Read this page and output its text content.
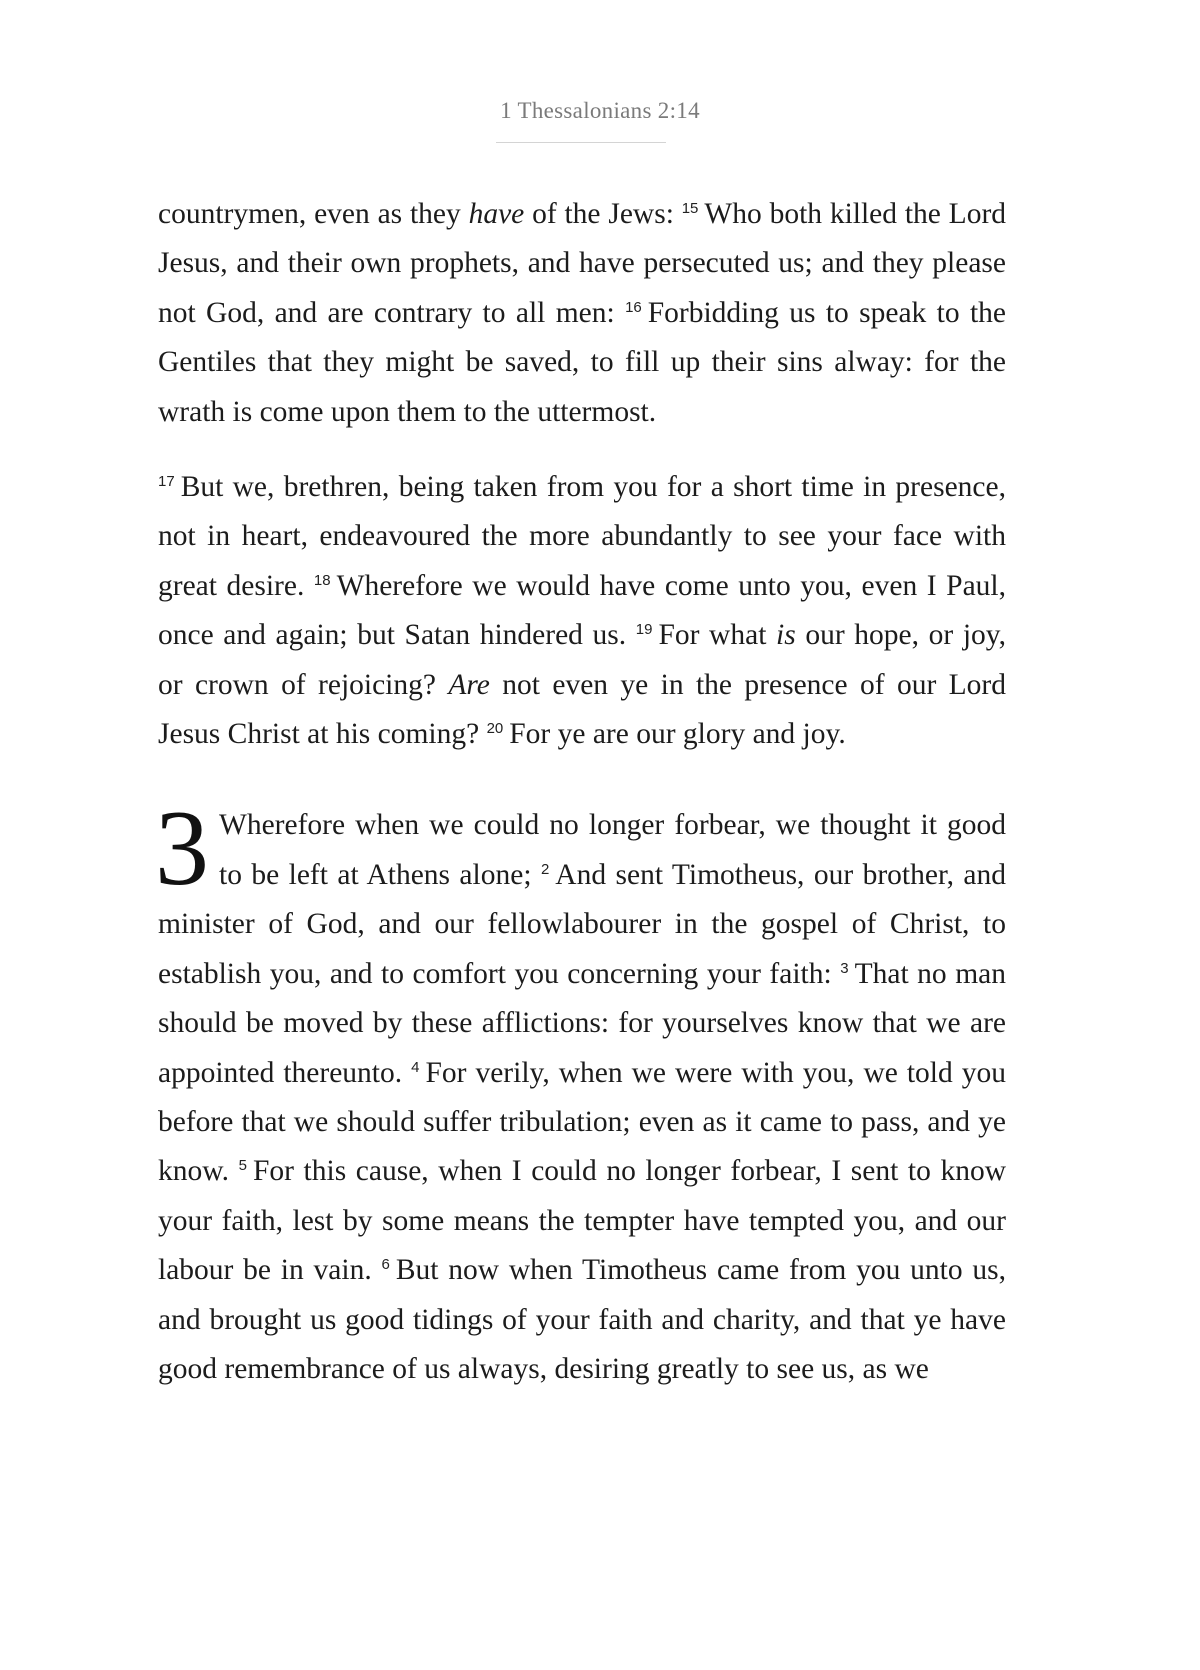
1 Thessalonians 2:14

countrymen, even as they have of the Jews: $^{15}$ Who both killed the Lord Jesus, and their own prophets, and have persecuted us; and they please not God, and are contrary to all men: $^{16}$ Forbidding us to speak to the Gentiles that they might be saved, to fill up their sins alway: for the wrath is come upon them to the uttermost.

$^{17}$ But we, brethren, being taken from you for a short time in presence, not in heart, endeavoured the more abundantly to see your face with great desire. $^{18}$ Wherefore we would have come unto you, even I Paul, once and again; but Satan hindered us. $^{19}$ For what is our hope, or joy, or crown of rejoicing? Are not even ye in the presence of our Lord Jesus Christ at his coming? $^{20}$ For ye are our glory and joy.

3 Wherefore when we could no longer forbear, we thought it good to be left at Athens alone; $^2$ And sent Timotheus, our brother, and minister of God, and our fellowlabourer in the gospel of Christ, to establish you, and to comfort you concerning your faith: $^3$ That no man should be moved by these afflictions: for yourselves know that we are appointed thereunto. $^4$ For verily, when we were with you, we told you before that we should suffer tribulation; even as it came to pass, and ye know. $^5$ For this cause, when I could no longer forbear, I sent to know your faith, lest by some means the tempter have tempted you, and our labour be in vain. $^6$ But now when Timotheus came from you unto us, and brought us good tidings of your faith and charity, and that ye have good remembrance of us always, desiring greatly to see us, as we
